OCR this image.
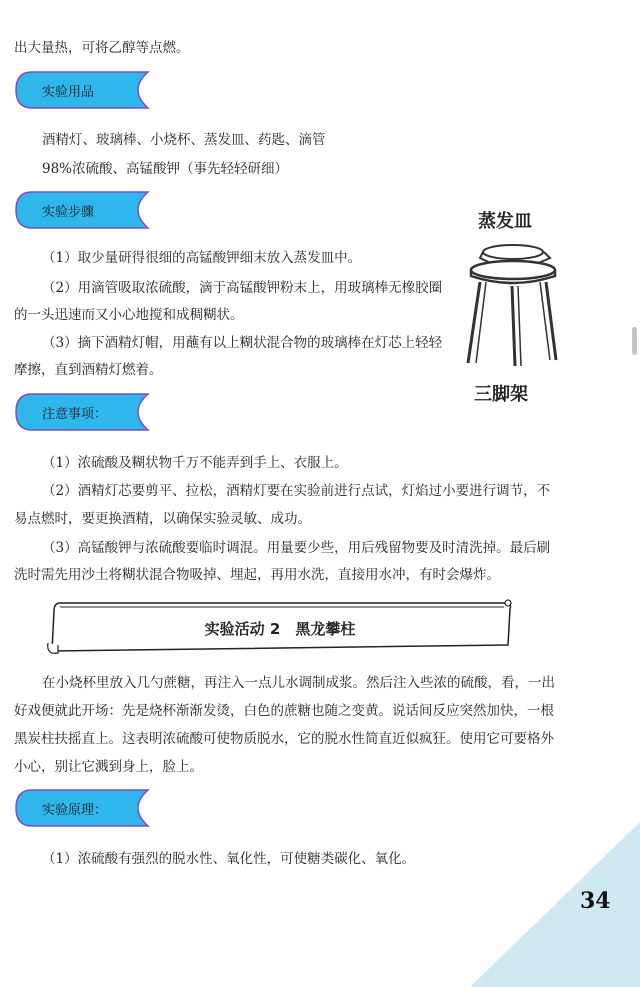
出大量热，可将乙醇等点燃。
实验用品
酒精灯、玻璃棒、小烧杯、蒸发皿、药匙、滴管
98%浓硫酸、高锰酸钾（事先轻轻研细）
实验步骤
（1）取少量研得很细的高锰酸钾细末放入蒸发皿中。
（2）用滴管吸取浓硫酸，滴于高锰酸钾粉末上，用玻璃棒无橡胶圈
的一头迅速而又小心地搅和成稠糊状。
（3）摘下酒精灯帽，用蘸有以上糊状混合物的玻璃棒在灯芯上轻轻
摩擦，直到酒精灯燃着。
蒸发皿
三脚架
注意事项：
（1）浓硫酸及糊状物千万不能弄到手上、衣服上。
（2）酒精灯芯要剪平、拉松，酒精灯要在实验前进行点试，灯焰过小要进行调节，不
易点燃时，要更换酒精，以确保实验灵敏、成功。
（3）高锰酸钾与浓硫酸要临时调混。用量要少些，用后残留物要及时清洗掉。最后刷
洗时需先用沙土将糊状混合物吸掉、埋起，再用水洗，直接用水冲，有时会爆炸。
实验活动 2　黑龙攀柱
在小烧杯里放入几勺蔗糖，再注入一点儿水调制成浆。然后注入些浓的硫酸，看，一出
好戏便就此开场：先是烧杯渐渐发烫，白色的蔗糖也随之变黄。说话间反应突然加快，一根
黑炭柱扶摇直上。这表明浓硫酸可使物质脱水，它的脱水性简直近似疯狂。使用它可要格外
小心，别让它溅到身上，脸上。
实验原理：
（1）浓硫酸有强烈的脱水性、氧化性，可使糖类碳化、氧化。
34
